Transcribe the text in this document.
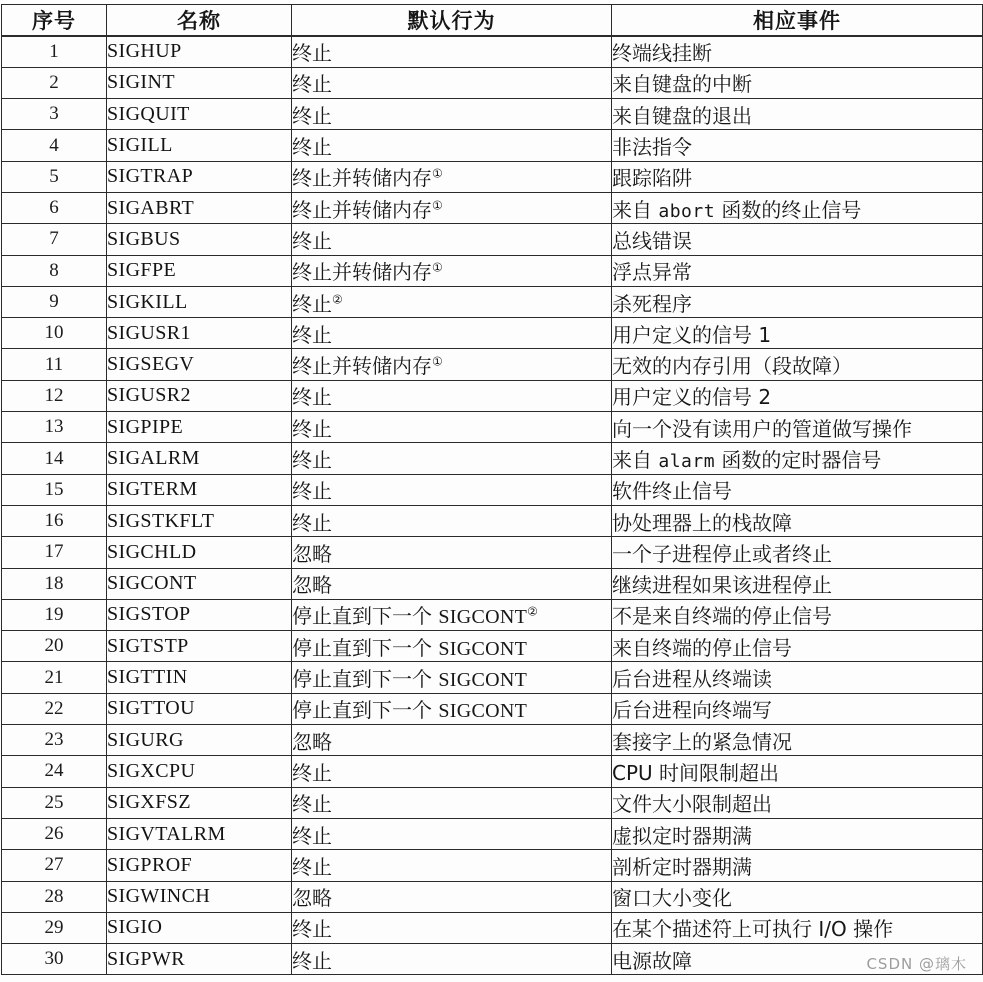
序号	名称	默认行为	相应事件
1	SIGHUP	终止	终端线挂断
2	SIGINT	终止	来自键盘的中断
3	SIGQUIT	终止	来自键盘的退出
4	SIGILL	终止	非法指令
5	SIGTRAP	终止并转储内存①	跟踪陷阱
6	SIGABRT	终止并转储内存①	来自 abort 函数的终止信号
7	SIGBUS	终止	总线错误
8	SIGFPE	终止并转储内存①	浮点异常
9	SIGKILL	终止②	杀死程序
10	SIGUSR1	终止	用户定义的信号 1
11	SIGSEGV	终止并转储内存①	无效的内存引用（段故障）
12	SIGUSR2	终止	用户定义的信号 2
13	SIGPIPE	终止	向一个没有读用户的管道做写操作
14	SIGALRM	终止	来自 alarm 函数的定时器信号
15	SIGTERM	终止	软件终止信号
16	SIGSTKFLT	终止	协处理器上的栈故障
17	SIGCHLD	忽略	一个子进程停止或者终止
18	SIGCONT	忽略	继续进程如果该进程停止
19	SIGSTOP	停止直到下一个 SIGCONT②	不是来自终端的停止信号
20	SIGTSTP	停止直到下一个 SIGCONT	来自终端的停止信号
21	SIGTTIN	停止直到下一个 SIGCONT	后台进程从终端读
22	SIGTTOU	停止直到下一个 SIGCONT	后台进程向终端写
23	SIGURG	忽略	套接字上的紧急情况
24	SIGXCPU	终止	CPU 时间限制超出
25	SIGXFSZ	终止	文件大小限制超出
26	SIGVTALRM	终止	虚拟定时器期满
27	SIGPROF	终止	剖析定时器期满
28	SIGWINCH	忽略	窗口大小变化
29	SIGIO	终止	在某个描述符上可执行 I/O 操作
30	SIGPWR	终止	电源故障	CSDN @璃木
